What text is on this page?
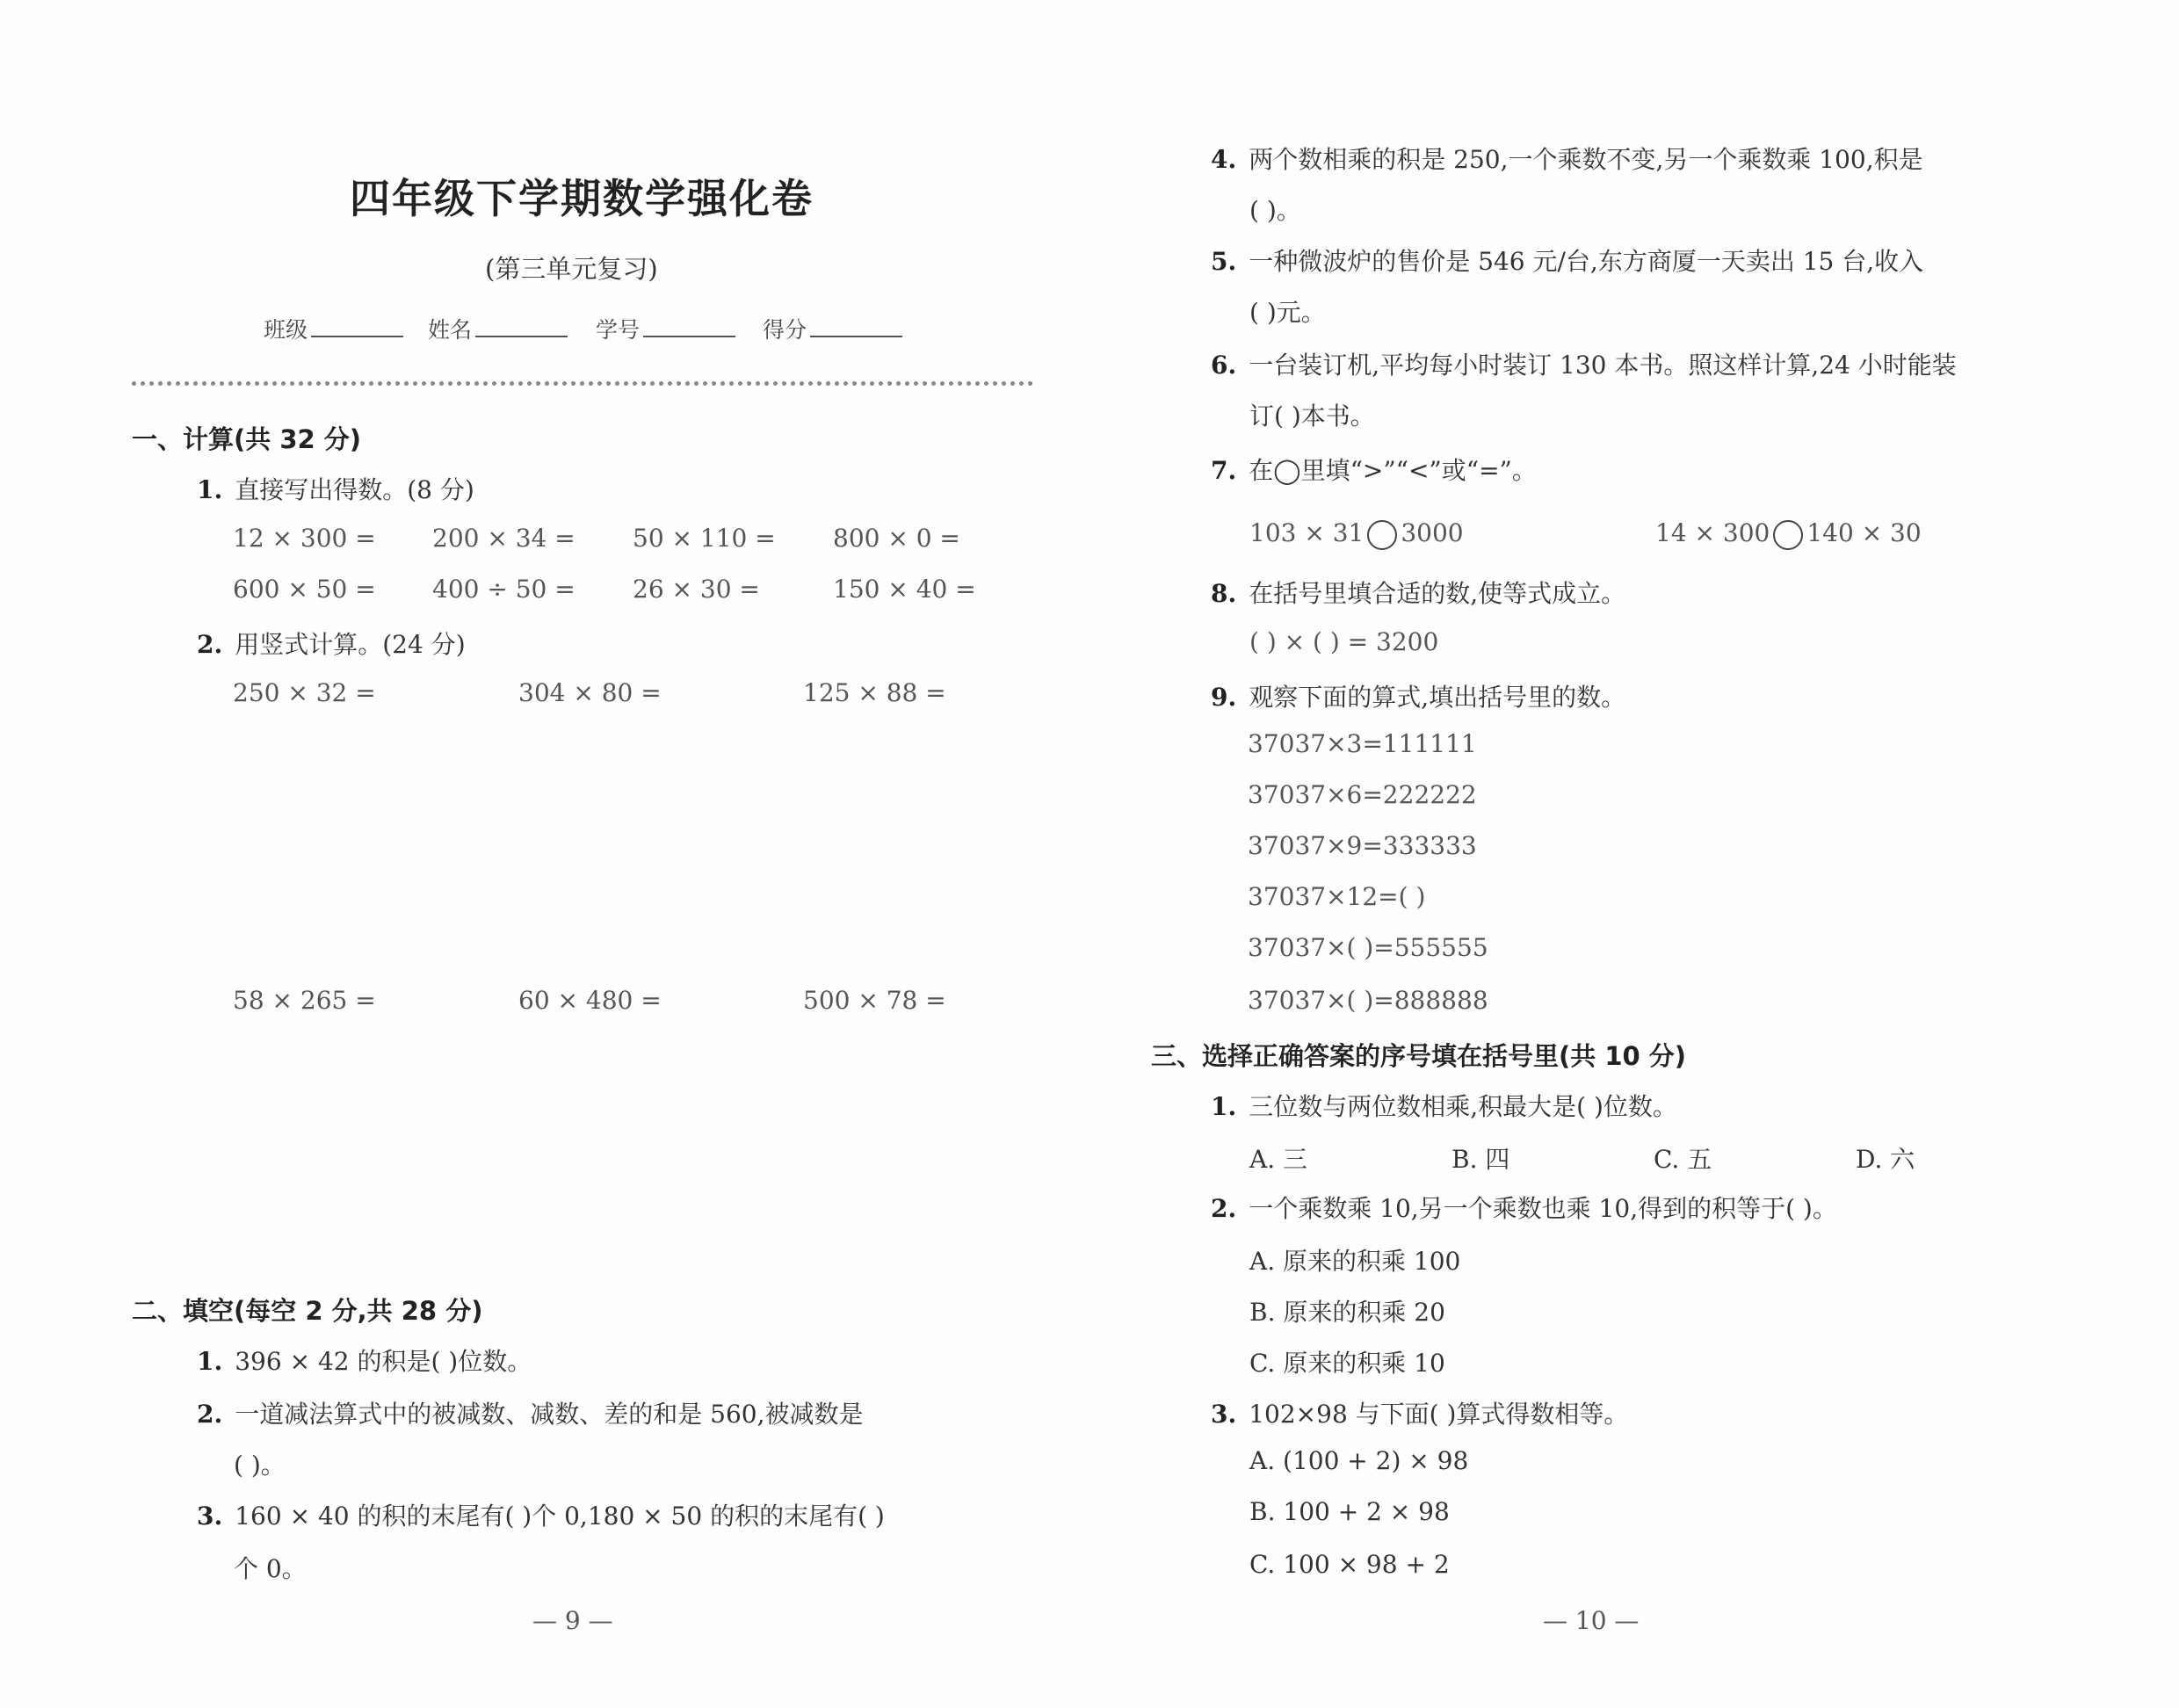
四年级下学期数学强化卷
(第三单元复习)
班级	姓名	学号	得分
一、计算(共 32 分)
1. 直接写出得数。(8 分)
12 × 300 = 200 × 34 = 50 × 110 = 800 × 0 =
600 × 50 = 400 ÷ 50 = 26 × 30 =	150 × 40 =
2. 用竖式计算。(24 分)
250 × 32 =	304 × 80 =	125 × 88 =
58 × 265 =	60 × 480 =	500 × 78 =
二、填空(每空 2 分,共 28 分)
1. 396 × 42 的积是( )位数。
2. 一道减法算式中的被减数、减数、差的和是 560,被减数是
( )。
3. 160 × 40 的积的末尾有( )个 0,180 × 50 的积的末尾有( )
个 0。
— 9 —
4. 两个数相乘的积是 250,一个乘数不变,另一个乘数乘 100,积是
( )。
5. 一种微波炉的售价是 546 元/台,东方商厦一天卖出 15 台,收入
( )元。
6. 一台装订机,平均每小时装订 130 本书。照这样计算,24 小时能装
订( )本书。
7. 在◯里填“>”“<”或“=”。
103 × 31 3000	14 × 300 140 × 30
8. 在括号里填合适的数,使等式成立。
( ) × ( ) = 3200
9. 观察下面的算式,填出括号里的数。
37037×3=111111
37037×6=222222
37037×9=333333
37037×12=( )
37037×( )=555555
37037×( )=888888
三、选择正确答案的序号填在括号里(共 10 分)
1. 三位数与两位数相乘,积最大是( )位数。
A. 三	B. 四	C. 五	D. 六
2. 一个乘数乘 10,另一个乘数也乘 10,得到的积等于( )。
A. 原来的积乘 100
B. 原来的积乘 20
C. 原来的积乘 10
3. 102×98 与下面( )算式得数相等。
A. (100 + 2) × 98
B. 100 + 2 × 98
C. 100 × 98 + 2
— 10 —
